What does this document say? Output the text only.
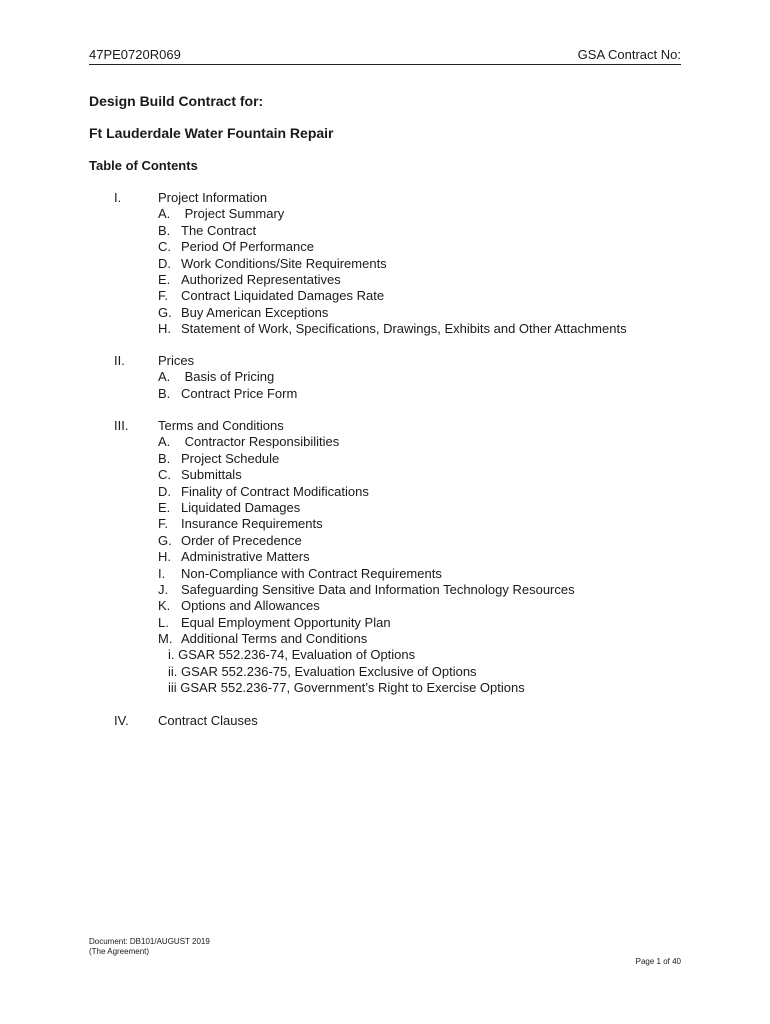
47PE0720R069	GSA Contract No:
Design Build Contract for:
Ft Lauderdale Water Fountain Repair
Table of Contents
I.	Project Information
A. Project Summary
B. The Contract
C. Period Of Performance
D. Work Conditions/Site Requirements
E. Authorized Representatives
F. Contract Liquidated Damages Rate
G. Buy American Exceptions
H. Statement of Work, Specifications, Drawings, Exhibits and Other Attachments
II.	Prices
A. Basis of Pricing
B. Contract Price Form
III. Terms and Conditions
A. Contractor Responsibilities
B. Project Schedule
C. Submittals
D. Finality of Contract Modifications
E. Liquidated Damages
F. Insurance Requirements
G. Order of Precedence
H. Administrative Matters
I. Non-Compliance with Contract Requirements
J. Safeguarding Sensitive Data and Information Technology Resources
K. Options and Allowances
L. Equal Employment Opportunity Plan
M. Additional Terms and Conditions
i. GSAR 552.236-74, Evaluation of Options
ii. GSAR 552.236-75, Evaluation Exclusive of Options
iii GSAR 552.236-77, Government’s Right to Exercise Options
IV. Contract Clauses
Document: DB101/AUGUST 2019
(The Agreement)
Page 1 of 40
